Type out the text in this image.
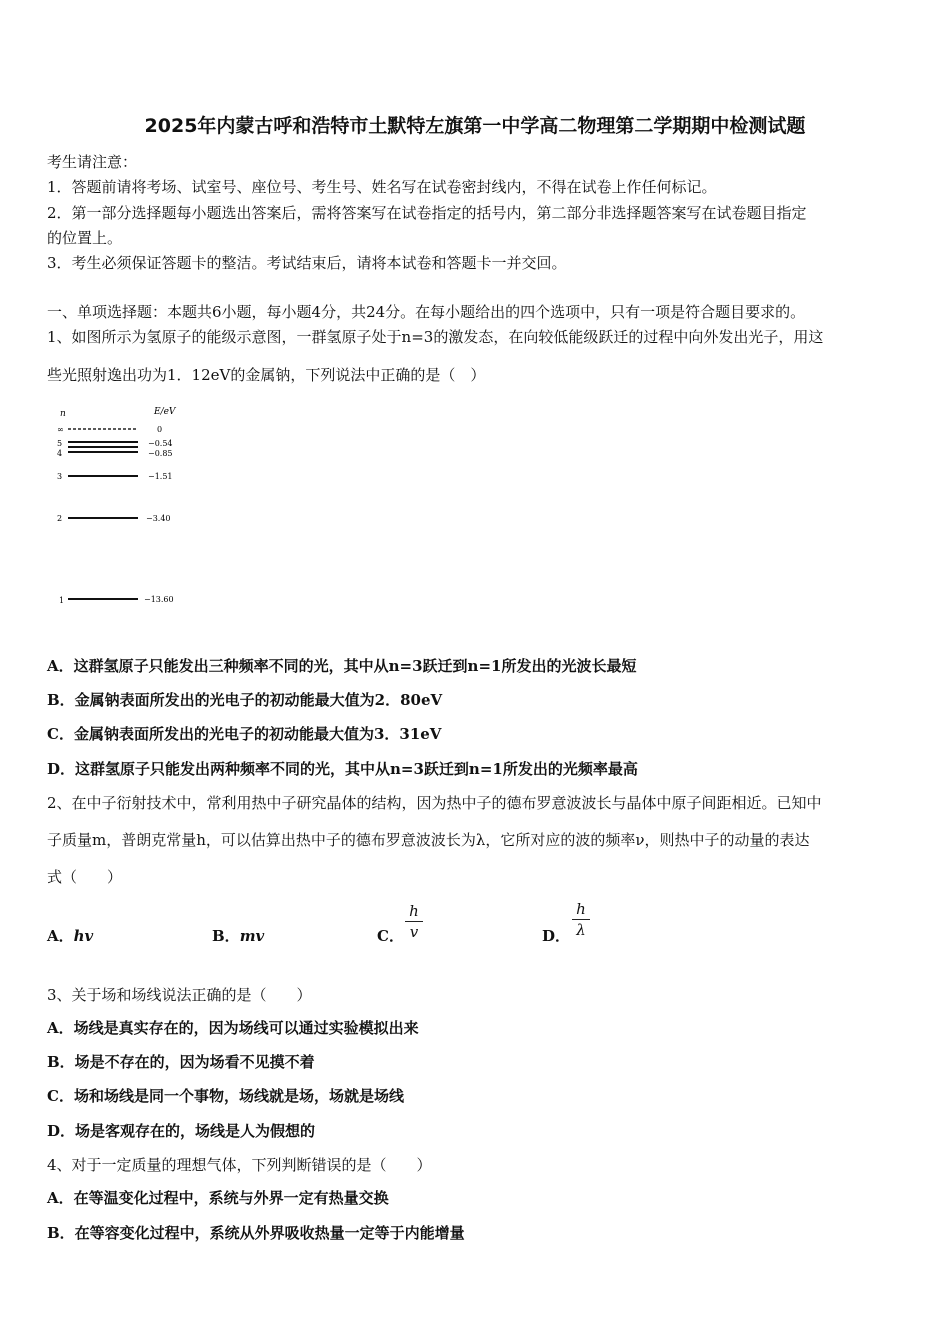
2025年内蒙古呼和浩特市土默特左旗第一中学高二物理第二学期期中检测试题
考生请注意：
1．答题前请将考场、试室号、座位号、考生号、姓名写在试卷密封线内，不得在试卷上作任何标记。
2．第一部分选择题每小题选出答案后，需将答案写在试卷指定的括号内，第二部分非选择题答案写在试卷题目指定
的位置上。
3．考生必须保证答题卡的整洁。考试结束后，请将本试卷和答题卡一并交回。
一、单项选择题：本题共6小题，每小题4分，共24分。在每小题给出的四个选项中，只有一项是符合题目要求的。
1、如图所示为氢原子的能级示意图，一群氢原子处于n=3的激发态，在向较低能级跃迁的过程中向外发出光子，用这
些光照射逸出功为1．12eV的金属钠，下列说法中正确的是（　）
n	E/eV
∞	0
5	−0.54
4	−0.85
3	−1.51
2	−3.40
1	−13.60
A．这群氢原子只能发出三种频率不同的光，其中从n=3跃迁到n=1所发出的光波长最短
B．金属钠表面所发出的光电子的初动能最大值为2．80eV
C．金属钠表面所发出的光电子的初动能最大值为3．31eV
D．这群氢原子只能发出两种频率不同的光，其中从n=3跃迁到n=1所发出的光频率最高
2、在中子衍射技术中，常利用热中子研究晶体的结构，因为热中子的德布罗意波波长与晶体中原子间距相近。已知中
子质量m，普朗克常量h，可以估算出热中子的德布罗意波波长为λ，它所对应的波的频率ν，则热中子的动量的表达
式（　　）
A．hv	B．mv	C．
h
v	D．
h
λ
3、关于场和场线说法正确的是（　　）
A．场线是真实存在的，因为场线可以通过实验模拟出来
B．场是不存在的，因为场看不见摸不着
C．场和场线是同一个事物，场线就是场，场就是场线
D．场是客观存在的，场线是人为假想的
4、对于一定质量的理想气体，下列判断错误的是（　　）
A．在等温变化过程中，系统与外界一定有热量交换
B．在等容变化过程中，系统从外界吸收热量一定等于内能增量
